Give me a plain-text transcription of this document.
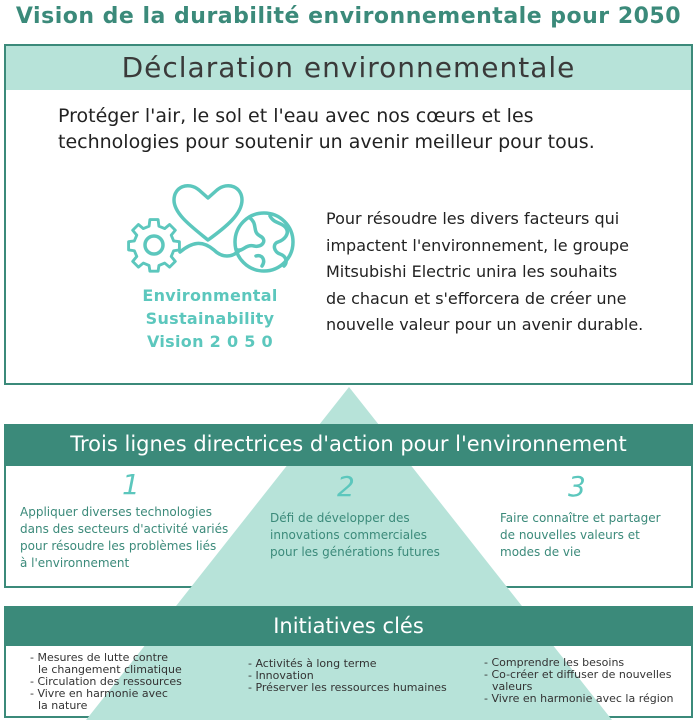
Vision de la durabilité environnementale pour 2050
Déclaration environnementale
Protéger l'air, le sol et l'eau avec nos cœurs et les
technologies pour soutenir un avenir meilleur pour tous.
Environmental
Sustainability
Vision 2 0 5 0
Pour résoudre les divers facteurs qui
impactent l'environnement, le groupe
Mitsubishi Electric unira les souhaits
de chacun et s'efforcera de créer une
nouvelle valeur pour un avenir durable.
Trois lignes directrices d'action pour l'environnement
1
Appliquer diverses technologies
dans des secteurs d'activité variés
pour résoudre les problèmes liés
à l'environnement
2
Défi de développer des
innovations commerciales
pour les générations futures
3
Faire connaître et partager
de nouvelles valeurs et
modes de vie
Initiatives clés
- Mesures de lutte contre
le changement climatique
- Circulation des ressources
- Vivre en harmonie avec
la nature
- Activités à long terme
- Innovation
- Préserver les ressources humaines
- Comprendre les besoins
- Co-créer et diffuser de nouvelles
valeurs
- Vivre en harmonie avec la région
